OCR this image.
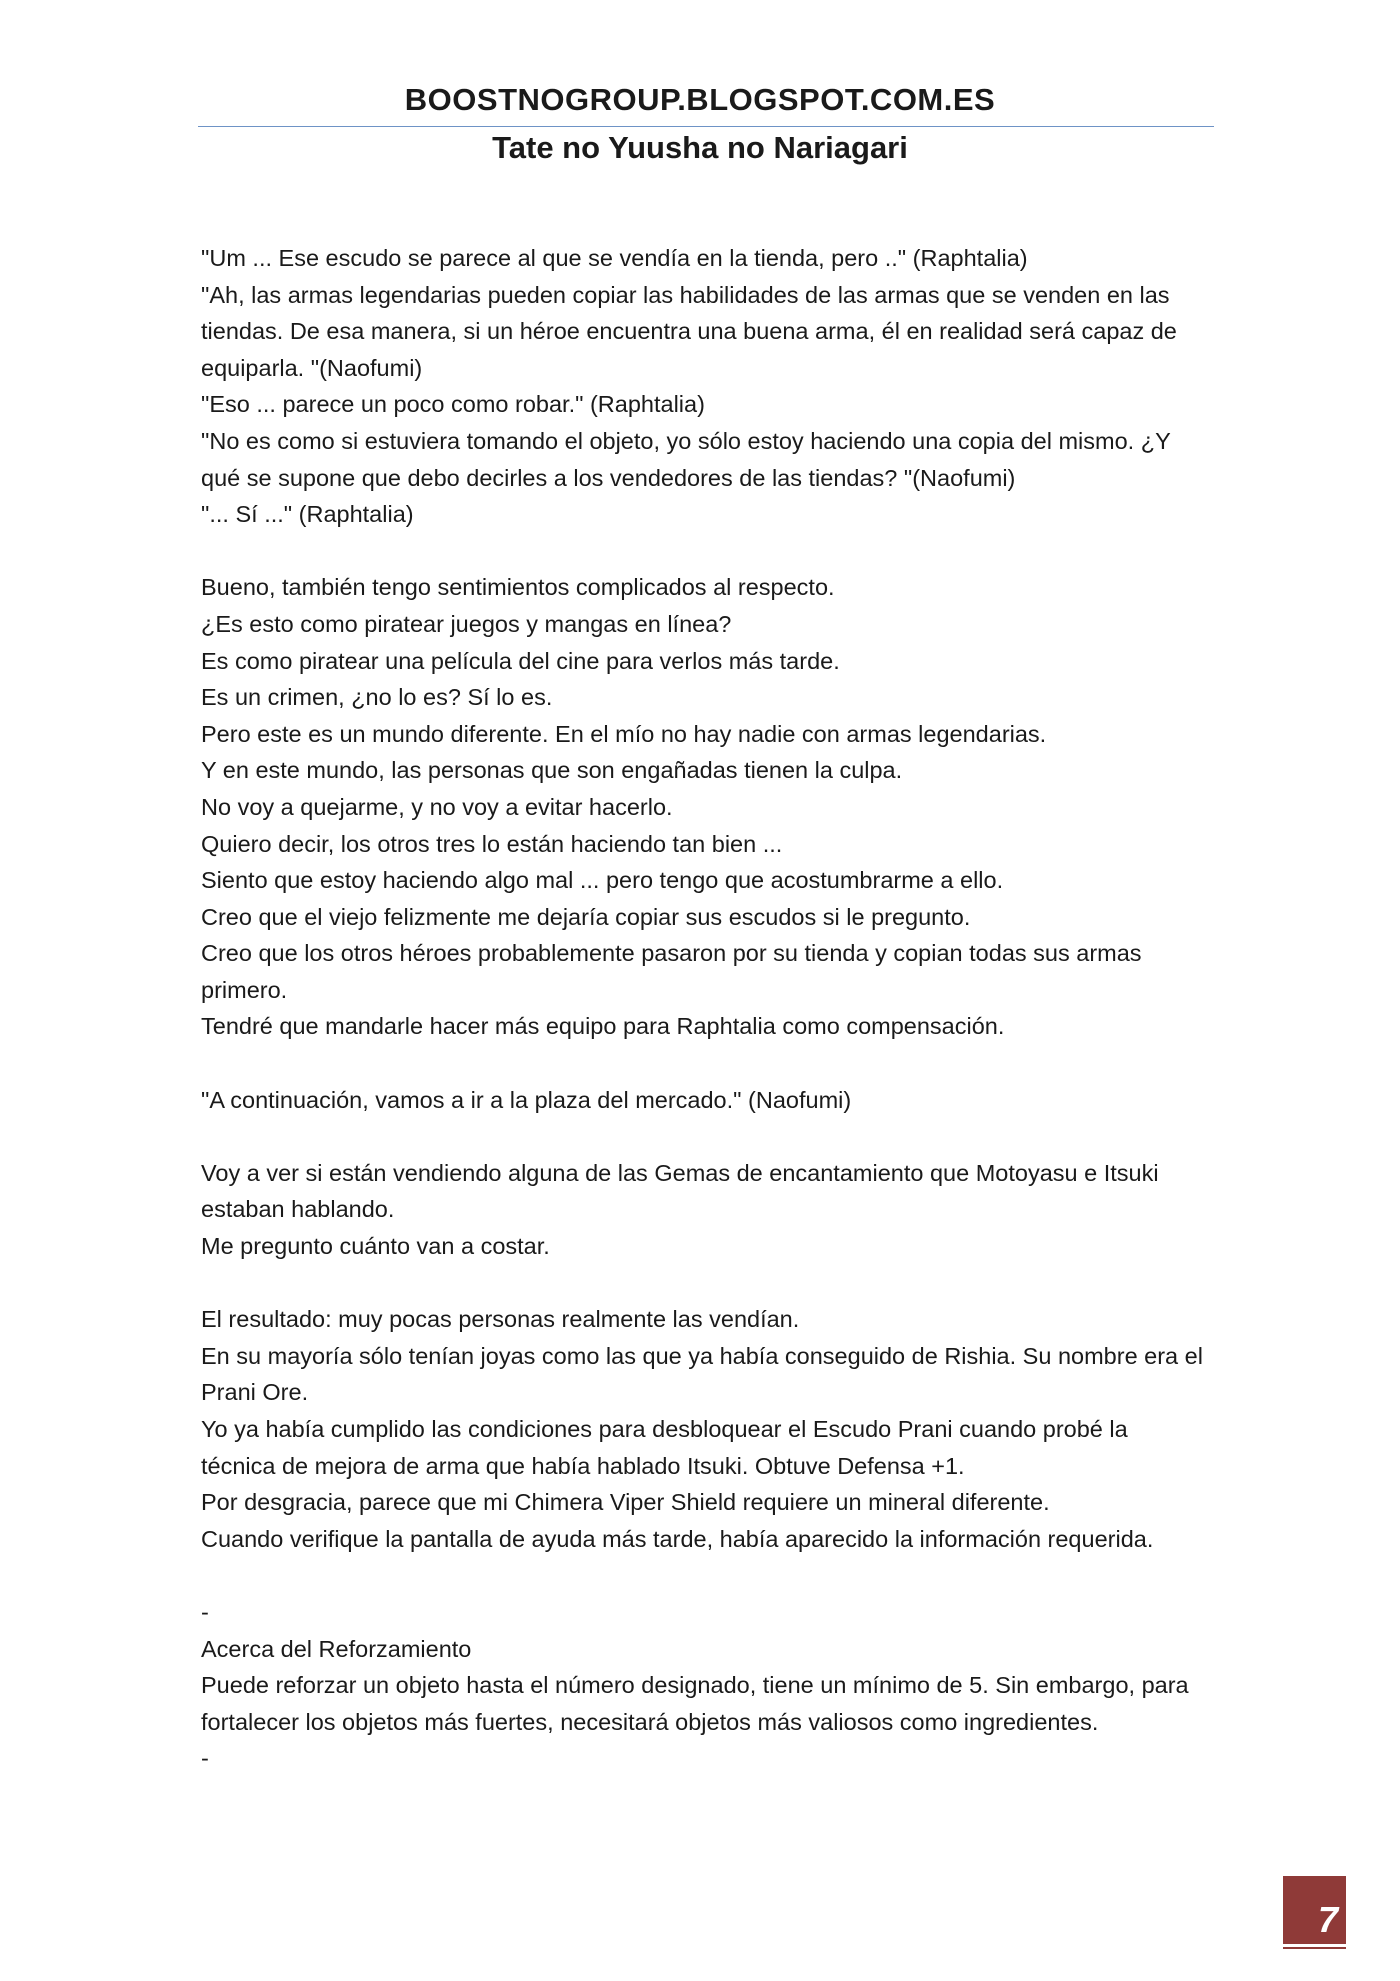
BOOSTNOGROUP.BLOGSPOT.COM.ES
Tate no Yuusha no Nariagari
"Um ... Ese escudo se parece al que se vendía en la tienda, pero .." (Raphtalia)
"Ah, las armas legendarias pueden copiar las habilidades de las armas que se venden en las
tiendas. De esa manera, si un héroe encuentra una buena arma, él en realidad será capaz de
equiparla. "(Naofumi)
"Eso ... parece un poco como robar." (Raphtalia)
"No es como si estuviera tomando el objeto, yo sólo estoy haciendo una copia del mismo. ¿Y
qué se supone que debo decirles a los vendedores de las tiendas? "(Naofumi)
"... Sí ..." (Raphtalia)
Bueno, también tengo sentimientos complicados al respecto.
¿Es esto como piratear juegos y mangas en línea?
Es como piratear una película del cine para verlos más tarde.
Es un crimen, ¿no lo es? Sí lo es.
Pero este es un mundo diferente. En el mío no hay nadie con armas legendarias.
Y en este mundo, las personas que son engañadas tienen la culpa.
No voy a quejarme, y no voy a evitar hacerlo.
Quiero decir, los otros tres lo están haciendo tan bien ...
Siento que estoy haciendo algo mal ... pero tengo que acostumbrarme a ello.
Creo que el viejo felizmente me dejaría copiar sus escudos si le pregunto.
Creo que los otros héroes probablemente pasaron por su tienda y copian todas sus armas
primero.
Tendré que mandarle hacer más equipo para Raphtalia como compensación.
"A continuación, vamos a ir a la plaza del mercado." (Naofumi)
Voy a ver si están vendiendo alguna de las Gemas de encantamiento que Motoyasu e Itsuki
estaban hablando.
Me pregunto cuánto van a costar.
El resultado: muy pocas personas realmente las vendían.
En su mayoría sólo tenían joyas como las que ya había conseguido de Rishia. Su nombre era el
Prani Ore.
Yo ya había cumplido las condiciones para desbloquear el Escudo Prani cuando probé la
técnica de mejora de arma que había hablado Itsuki. Obtuve Defensa +1.
Por desgracia, parece que mi Chimera Viper Shield requiere un mineral diferente.
Cuando verifique la pantalla de ayuda más tarde, había aparecido la información requerida.
-
Acerca del Reforzamiento
Puede reforzar un objeto hasta el número designado, tiene un mínimo de 5. Sin embargo, para
fortalecer los objetos más fuertes, necesitará objetos más valiosos como ingredientes.
-
7
